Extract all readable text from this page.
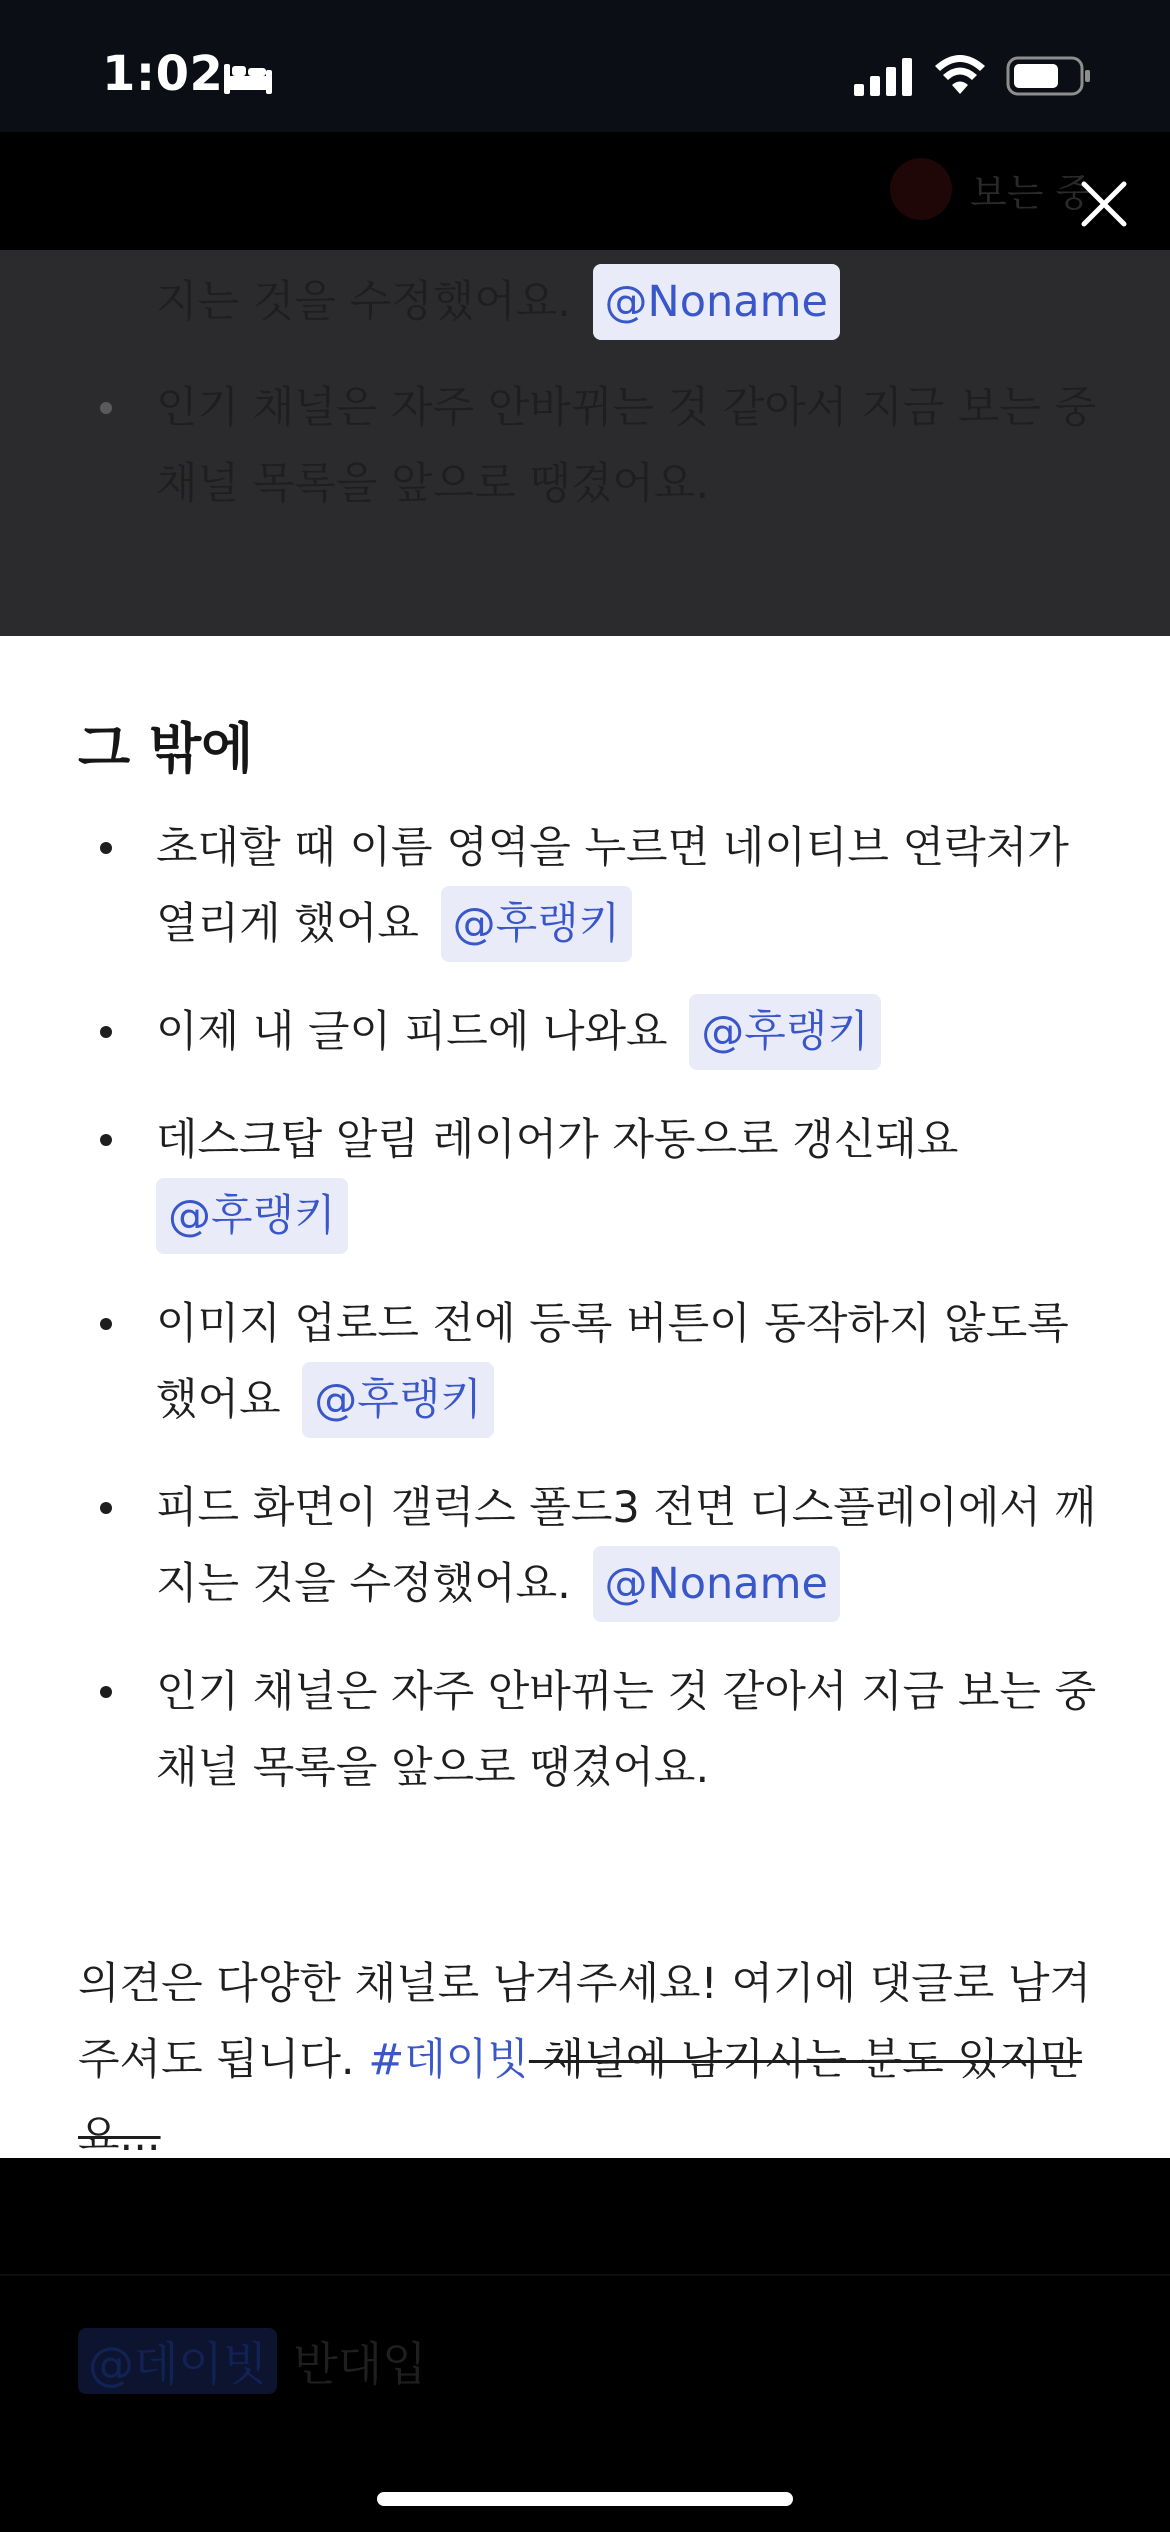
1:02
보는 중
지는 것을 수정했어요. @Noname
인기 채널은 자주 안바뀌는 것 같아서 지금 보는 중 채널 목록을 앞으로 땡겼어요.
그 밖에
초대할 때 이름 영역을 누르면 네이티브 연락처가 열리게 했어요 @후랭키
이제 내 글이 피드에 나와요 @후랭키
데스크탑 알림 레이어가 자동으로 갱신돼요
@후랭키
이미지 업로드 전에 등록 버튼이 동작하지 않도록 했어요 @후랭키
피드 화면이 갤럭스 폴드3 전면 디스플레이에서 깨지는 것을 수정했어요. @Noname
인기 채널은 자주 안바뀌는 것 같아서 지금 보는 중 채널 목록을 앞으로 땡겼어요.

의견은 다양한 채널로 남겨주세요! 여기에 댓글로 남겨주셔도 됩니다. #데이빗 채널에 남기시는 분도 있지만요...

@데이빗 반대입
